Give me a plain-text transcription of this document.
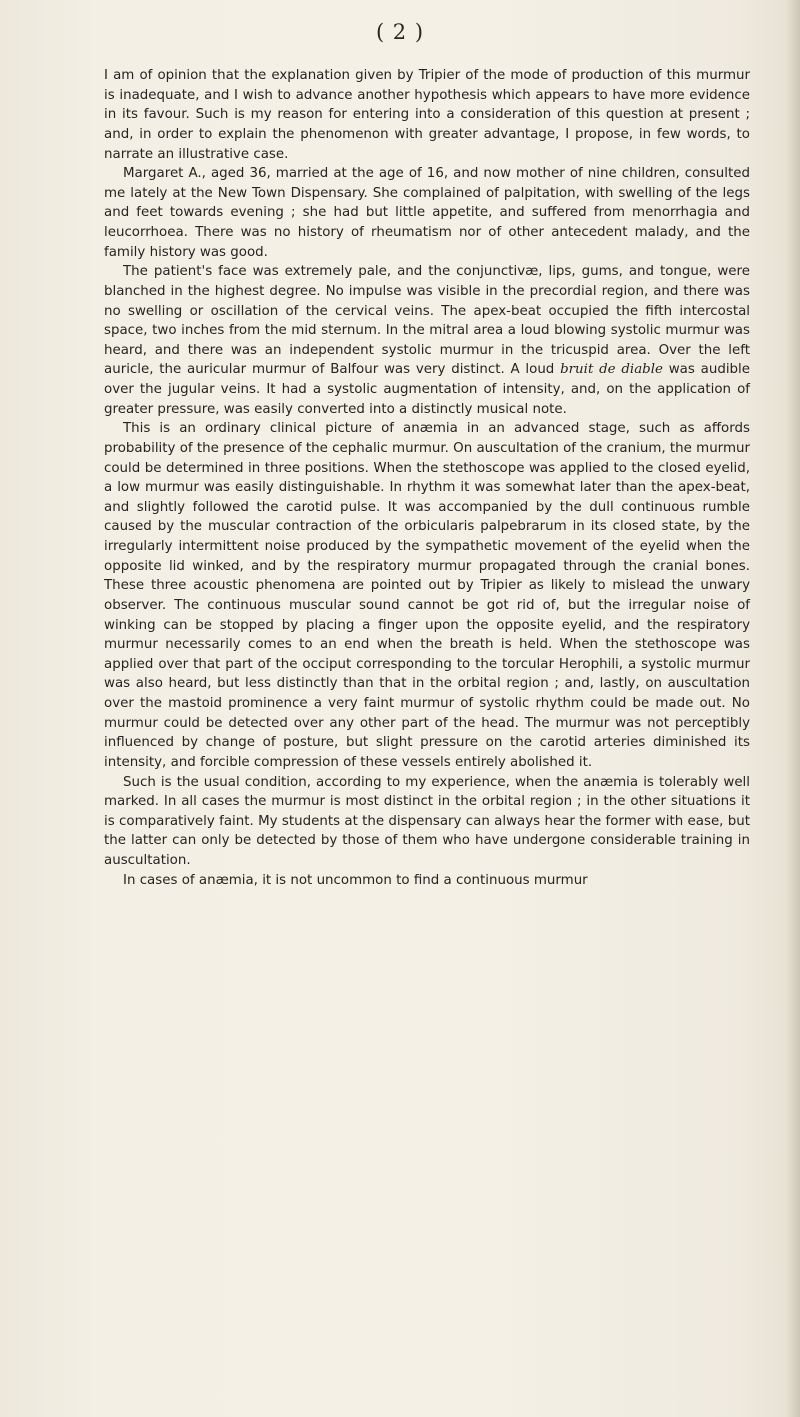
( 2 )

I am of opinion that the explanation given by Tripier of the mode of production of this murmur is inadequate, and I wish to advance another hypothesis which appears to have more evidence in its favour. Such is my reason for entering into a consideration of this question at present ; and, in order to explain the phenomenon with greater advantage, I propose, in few words, to narrate an illustrative case.

Margaret A., aged 36, married at the age of 16, and now mother of nine children, consulted me lately at the New Town Dispensary. She complained of palpitation, with swelling of the legs and feet towards evening ; she had but little appetite, and suffered from menorrhagia and leucorrhoea. There was no history of rheumatism nor of other antecedent malady, and the family history was good.

The patient's face was extremely pale, and the conjunctivæ, lips, gums, and tongue, were blanched in the highest degree. No impulse was visible in the precordial region, and there was no swelling or oscillation of the cervical veins. The apex-beat occupied the fifth intercostal space, two inches from the mid sternum. In the mitral area a loud blowing systolic murmur was heard, and there was an independent systolic murmur in the tricuspid area. Over the left auricle, the auricular murmur of Balfour was very distinct. A loud bruit de diable was audible over the jugular veins. It had a systolic augmentation of intensity, and, on the application of greater pressure, was easily converted into a distinctly musical note.

This is an ordinary clinical picture of anæmia in an advanced stage, such as affords probability of the presence of the cephalic murmur. On auscultation of the cranium, the murmur could be determined in three positions. When the stethoscope was applied to the closed eyelid, a low murmur was easily distinguishable. In rhythm it was somewhat later than the apex-beat, and slightly followed the carotid pulse. It was accompanied by the dull continuous rumble caused by the muscular contraction of the orbicularis palpebrarum in its closed state, by the irregularly intermittent noise produced by the sympathetic movement of the eyelid when the opposite lid winked, and by the respiratory murmur propagated through the cranial bones. These three acoustic phenomena are pointed out by Tripier as likely to mislead the unwary observer. The continuous muscular sound cannot be got rid of, but the irregular noise of winking can be stopped by placing a finger upon the opposite eyelid, and the respiratory murmur necessarily comes to an end when the breath is held. When the stethoscope was applied over that part of the occiput corresponding to the torcular Herophili, a systolic murmur was also heard, but less distinctly than that in the orbital region ; and, lastly, on auscultation over the mastoid prominence a very faint murmur of systolic rhythm could be made out. No murmur could be detected over any other part of the head. The murmur was not perceptibly influenced by change of posture, but slight pressure on the carotid arteries diminished its intensity, and forcible compression of these vessels entirely abolished it.

Such is the usual condition, according to my experience, when the anæmia is tolerably well marked. In all cases the murmur is most distinct in the orbital region ; in the other situations it is comparatively faint. My students at the dispensary can always hear the former with ease, but the latter can only be detected by those of them who have undergone considerable training in auscultation.

In cases of anæmia, it is not uncommon to find a continuous murmur
